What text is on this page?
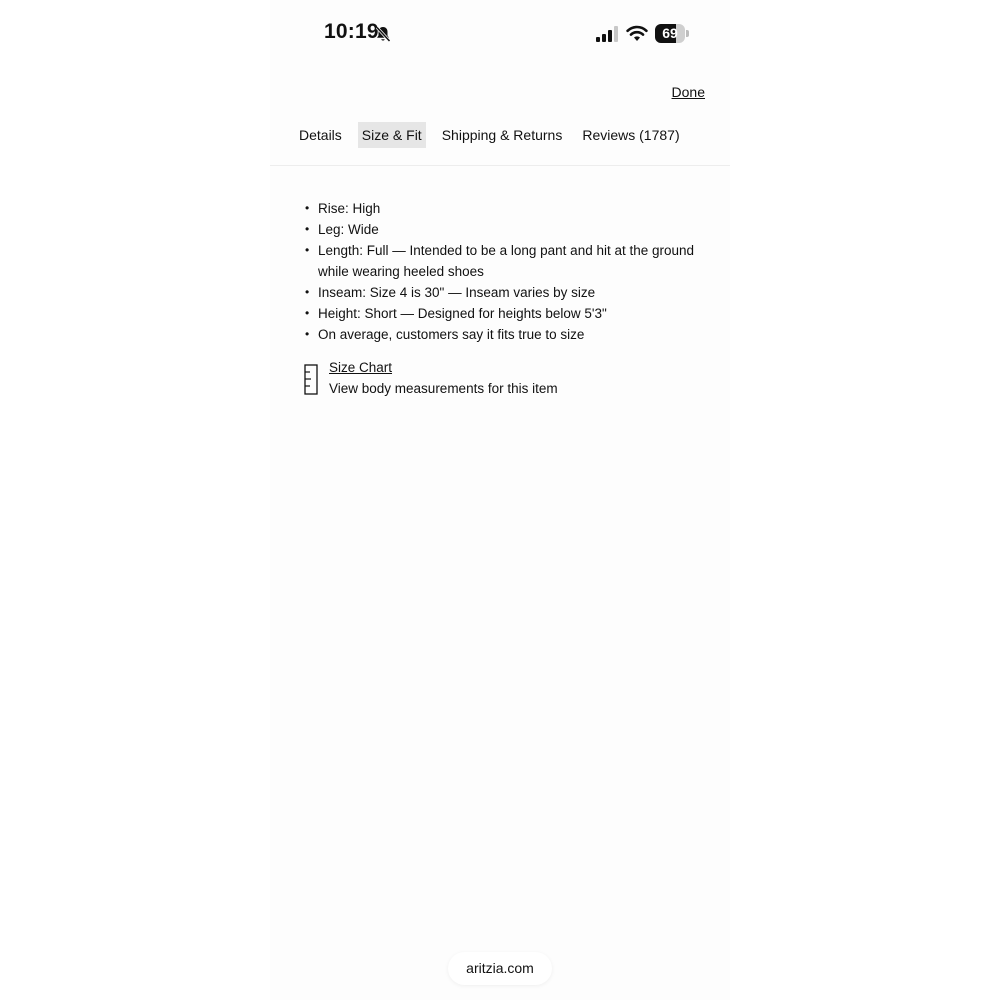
10:19	69
Done
Details Size & Fit Shipping & Returns Reviews (1787)
• Rise: High
• Leg: Wide
• Length: Full — Intended to be a long pant and hit at the ground while wearing heeled shoes
• Inseam: Size 4 is 30" — Inseam varies by size
• Height: Short — Designed for heights below 5'3"
• On average, customers say it fits true to size
Size Chart
View body measurements for this item
aritzia.com
